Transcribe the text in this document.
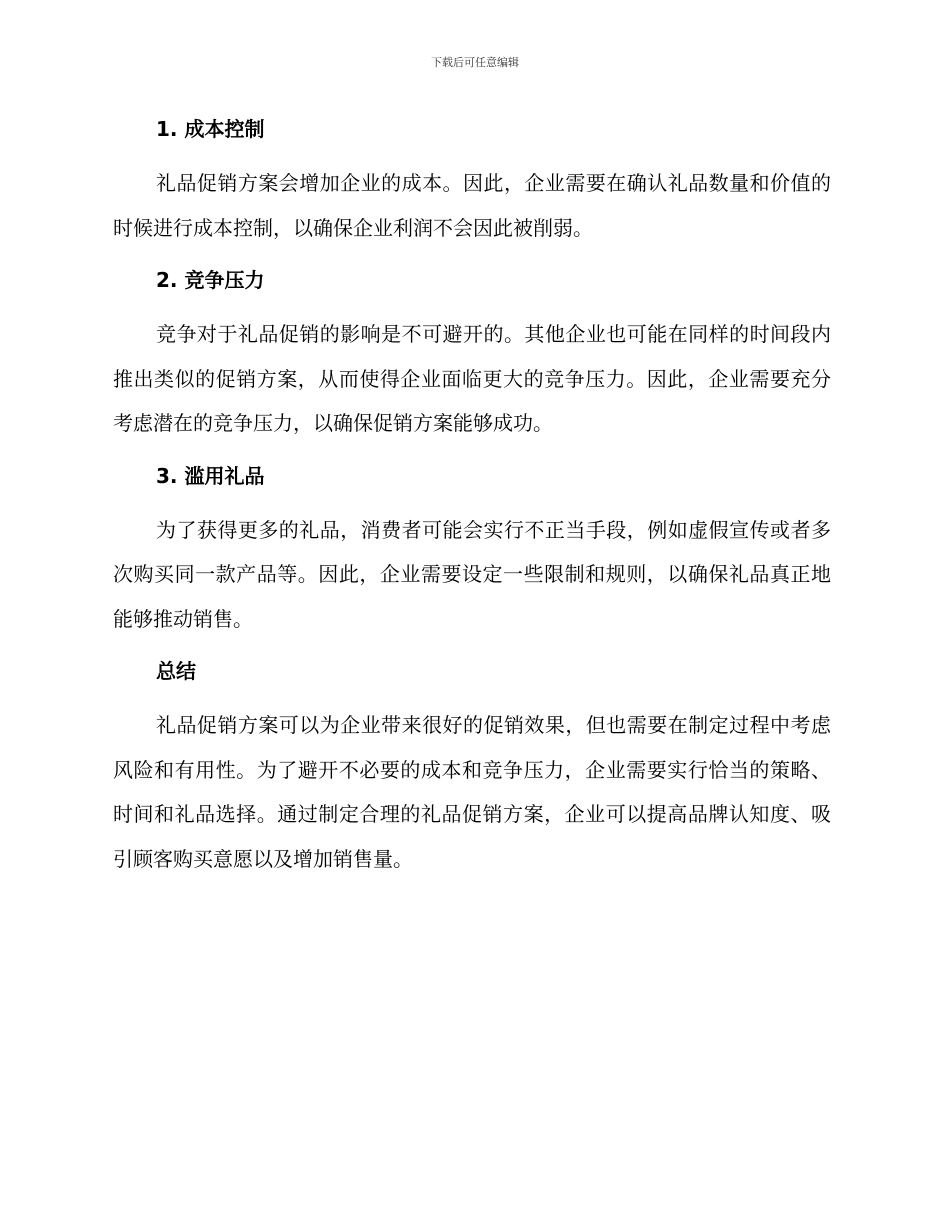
下载后可任意编辑
1. 成本控制

礼品促销方案会增加企业的成本。因此，企业需要在确认礼品数量和价值的时候进行成本控制，以确保企业利润不会因此被削弱。

2. 竞争压力

竞争对于礼品促销的影响是不可避开的。其他企业也可能在同样的时间段内推出类似的促销方案，从而使得企业面临更大的竞争压力。因此，企业需要充分考虑潜在的竞争压力，以确保促销方案能够成功。

3. 滥用礼品

为了获得更多的礼品，消费者可能会实行不正当手段，例如虚假宣传或者多次购买同一款产品等。因此，企业需要设定一些限制和规则，以确保礼品真正地能够推动销售。

总结

礼品促销方案可以为企业带来很好的促销效果，但也需要在制定过程中考虑风险和有用性。为了避开不必要的成本和竞争压力，企业需要实行恰当的策略、时间和礼品选择。通过制定合理的礼品促销方案，企业可以提高品牌认知度、吸引顾客购买意愿以及增加销售量。
